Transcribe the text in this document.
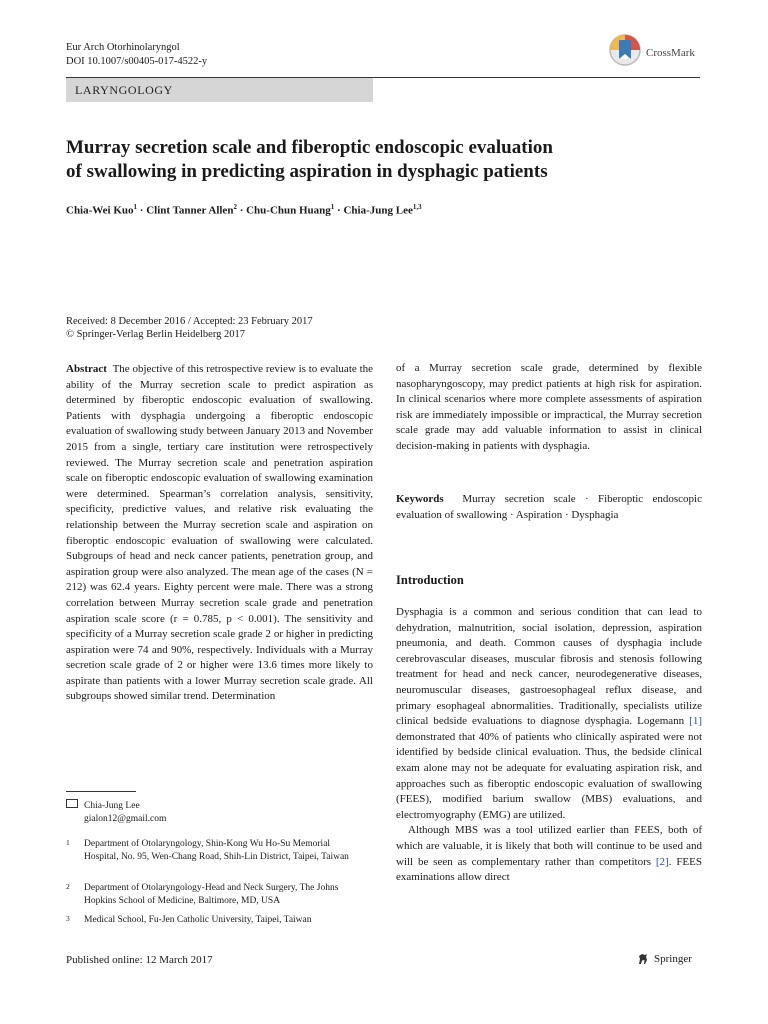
Eur Arch Otorhinolaryngol
DOI 10.1007/s00405-017-4522-y
CrossMark
LARYNGOLOGY
Murray secretion scale and fiberoptic endoscopic evaluation
of swallowing in predicting aspiration in dysphagic patients
Chia-Wei Kuo$^1$ · Clint Tanner Allen$^2$ · Chu-Chun Huang$^1$ · Chia-Jung Lee$^{1,3}$
Received: 8 December 2016 / Accepted: 23 February 2017
© Springer-Verlag Berlin Heidelberg 2017
Abstract The objective of this retrospective review is to evaluate the ability of the Murray secretion scale to predict aspiration as determined by fiberoptic endoscopic evaluation of swallowing. Patients with dysphagia undergoing a fiberoptic endoscopic evaluation of swallowing study between January 2013 and November 2015 from a single, tertiary care institution were retrospectively reviewed. The Murray secretion scale and penetration aspiration scale on fiberoptic endoscopic evaluation of swallowing examination were determined. Spearman’s correlation analysis, sensitivity, specificity, predictive values, and relative risk evaluating the relationship between the Murray secretion scale and aspiration on fiberoptic endoscopic evaluation of swallowing were calculated. Subgroups of head and neck cancer patients, penetration group, and aspiration group were also analyzed. The mean age of the cases (N = 212) was 62.4 years. Eighty percent were male. There was a strong correlation between Murray secretion scale grade and penetration aspiration scale score (r = 0.785, p < 0.001). The sensitivity and specificity of a Murray secretion scale grade 2 or higher in predicting aspiration were 74 and 90%, respectively. Individuals with a Murray secretion scale grade of 2 or higher were 13.6 times more likely to aspirate than patients with a lower Murray secretion scale grade. All subgroups showed similar trend. Determination
of a Murray secretion scale grade, determined by flexible nasopharyngoscopy, may predict patients at high risk for aspiration. In clinical scenarios where more complete assessments of aspiration risk are immediately impossible or impractical, the Murray secretion scale grade may add valuable information to assist in clinical decision-making in patients with dysphagia.
Keywords Murray secretion scale · Fiberoptic endoscopic evaluation of swallowing · Aspiration · Dysphagia
Introduction

Dysphagia is a common and serious condition that can lead to dehydration, malnutrition, social isolation, depression, aspiration pneumonia, and death. Common causes of dysphagia include cerebrovascular diseases, muscular fibrosis and stenosis following treatment for head and neck cancer, neurodegenerative diseases, neuromuscular diseases, gastroesophageal reflux disease, and primary esophageal abnormalities. Traditionally, specialists utilize clinical bedside evaluations to diagnose dysphagia. Logemann [1] demonstrated that 40% of patients who clinically aspirated were not identified by bedside clinical evaluation. Thus, the bedside clinical exam alone may not be adequate for evaluating aspiration risk, and approaches such as fiberoptic endoscopic evaluation of swallowing (FEES), modified barium swallow (MBS) evaluations, and electromyography (EMG) are utilized.

Although MBS was a tool utilized earlier than FEES, both of which are valuable, it is likely that both will continue to be used and will be seen as complementary rather than competitors [2]. FEES examinations allow direct

Chia-Jung Lee
gialon12@gmail.com
1 Department of Otolaryngology, Shin-Kong Wu Ho-Su Memorial Hospital, No. 95, Wen-Chang Road, Shih-Lin District, Taipei, Taiwan
2 Department of Otolaryngology-Head and Neck Surgery, The Johns Hopkins School of Medicine, Baltimore, MD, USA
3 Medical School, Fu-Jen Catholic University, Taipei, Taiwan
Published online: 12 March 2017	Springer
